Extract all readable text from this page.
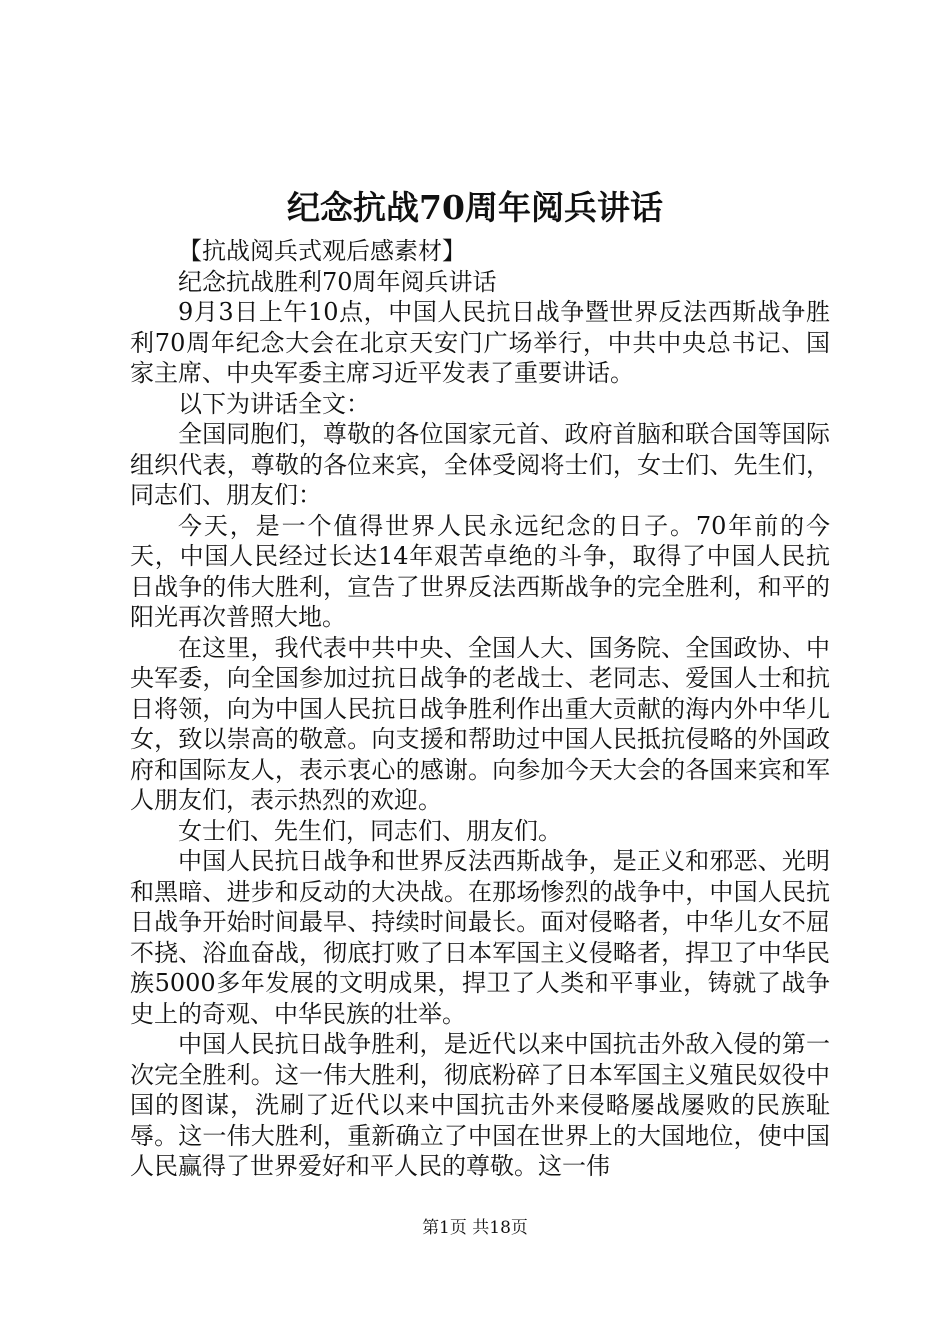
纪念抗战70周年阅兵讲话

【抗战阅兵式观后感素材】

纪念抗战胜利70周年阅兵讲话

9月3日上午10点，中国人民抗日战争暨世界反法西斯战争胜利70周年纪念大会在北京天安门广场举行，中共中央总书记、国家主席、中央军委主席习近平发表了重要讲话。

以下为讲话全文：

全国同胞们，尊敬的各位国家元首、政府首脑和联合国等国际组织代表，尊敬的各位来宾，全体受阅将士们，女士们、先生们，同志们、朋友们：

今天，是一个值得世界人民永远纪念的日子。70年前的今天，中国人民经过长达14年艰苦卓绝的斗争，取得了中国人民抗日战争的伟大胜利，宣告了世界反法西斯战争的完全胜利，和平的阳光再次普照大地。

在这里，我代表中共中央、全国人大、国务院、全国政协、中央军委，向全国参加过抗日战争的老战士、老同志、爱国人士和抗日将领，向为中国人民抗日战争胜利作出重大贡献的海内外中华儿女，致以崇高的敬意。向支援和帮助过中国人民抵抗侵略的外国政府和国际友人，表示衷心的感谢。向参加今天大会的各国来宾和军人朋友们，表示热烈的欢迎。

女士们、先生们，同志们、朋友们。

中国人民抗日战争和世界反法西斯战争，是正义和邪恶、光明和黑暗、进步和反动的大决战。在那场惨烈的战争中，中国人民抗日战争开始时间最早、持续时间最长。面对侵略者，中华儿女不屈不挠、浴血奋战，彻底打败了日本军国主义侵略者，捍卫了中华民族5000多年发展的文明成果，捍卫了人类和平事业，铸就了战争史上的奇观、中华民族的壮举。

中国人民抗日战争胜利，是近代以来中国抗击外敌入侵的第一次完全胜利。这一伟大胜利，彻底粉碎了日本军国主义殖民奴役中国的图谋，洗刷了近代以来中国抗击外来侵略屡战屡败的民族耻辱。这一伟大胜利，重新确立了中国在世界上的大国地位，使中国人民赢得了世界爱好和平人民的尊敬。这一伟

第1页 共18页
